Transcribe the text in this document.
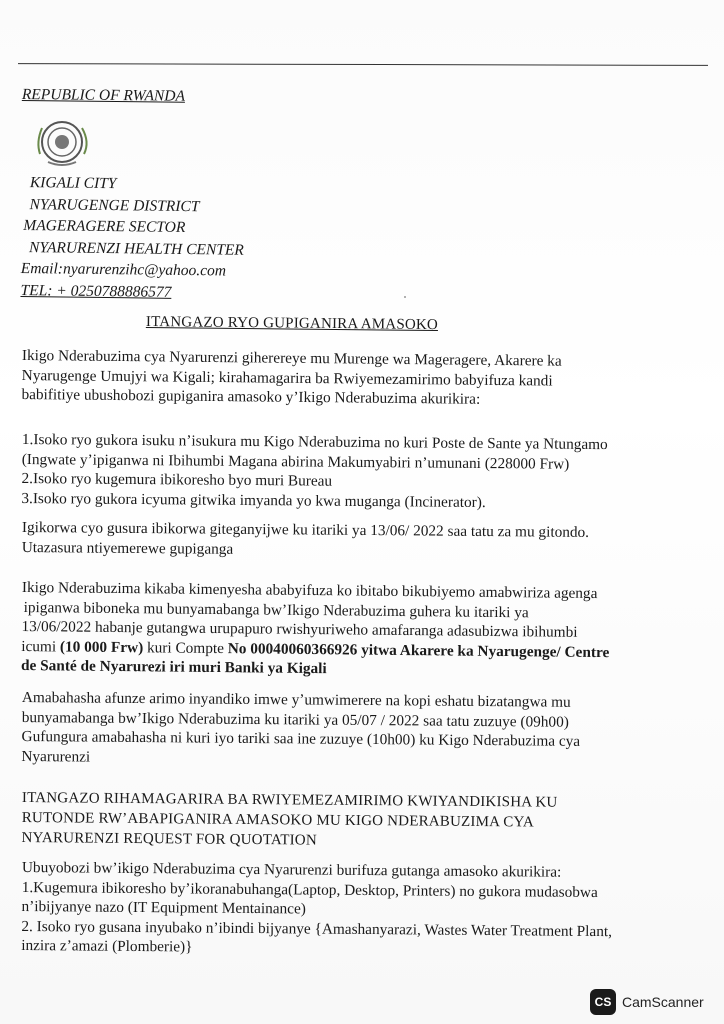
REPUBLIC OF RWANDA
KIGALI CITY
NYARUGENGE DISTRICT
MAGERAGERE SECTOR
NYARURENZI HEALTH CENTER
Email:nyarurenzihc@yahoo.com
TEL: + 0250788886577
ITANGAZO RYO GUPIGANIRA AMASOKO
Ikigo Nderabuzima cya Nyarurenzi giherereye mu Murenge wa Mageragere, Akarere ka
Nyarugenge Umujyi wa Kigali; kirahamagarira ba Rwiyemezamirimo babyifuza kandi
babifitiye ubushobozi gupiganira amasoko y’Ikigo Nderabuzima akurikira:
1.Isoko ryo gukora isuku n’isukura mu Kigo Nderabuzima no kuri Poste de Sante ya Ntungamo
(Ingwate y’ipiganwa ni Ibihumbi Magana abirina Makumyabiri n’umunani (228000 Frw)
2.Isoko ryo kugemura ibikoresho byo muri Bureau
3.Isoko ryo gukora icyuma gitwika imyanda yo kwa muganga (Incinerator).
Igikorwa cyo gusura ibikorwa giteganyijwe ku itariki ya 13/06/ 2022 saa tatu za mu gitondo.
Utazasura ntiyemerewe gupiganga
Ikigo Nderabuzima kikaba kimenyesha ababyifuza ko ibitabo bikubiyemo amabwiriza agenga
ipiganwa biboneka mu bunyamabanga bw’Ikigo Nderabuzima guhera ku itariki ya
13/06/2022 habanje gutangwa urupapuro rwishyuriweho amafaranga adasubizwa ibihumbi
icumi (10 000 Frw) kuri Compte No 00040060366926 yitwa Akarere ka Nyarugenge/ Centre
de Santé de Nyarurezi iri muri Banki ya Kigali
Amabahasha afunze arimo inyandiko imwe y’umwimerere na kopi eshatu bizatangwa mu
bunyamabanga bw’Ikigo Nderabuzima ku itariki ya 05/07 / 2022 saa tatu zuzuye (09h00)
Gufungura amabahasha ni kuri iyo tariki saa ine zuzuye (10h00) ku Kigo Nderabuzima cya
Nyarurenzi
ITANGAZO RIHAMAGARIRA BA RWIYEMEZAMIRIMO KWIYANDIKISHA KU
RUTONDE RW’ABAPIGANIRA AMASOKO MU KIGO NDERABUZIMA CYA
NYARURENZI REQUEST FOR QUOTATION
Ubuyobozi bw’ikigo Nderabuzima cya Nyarurenzi burifuza gutanga amasoko akurikira:
1.Kugemura ibikoresho by’ikoranabuhanga(Laptop, Desktop, Printers) no gukora mudasobwa
n’ibijyanye nazo (IT Equipment Mentainance)
2. Isoko ryo gusana inyubako n’ibindi bijyanye {Amashanyarazi, Wastes Water Treatment Plant,
inzira z’amazi (Plomberie)}
CS CamScanner
